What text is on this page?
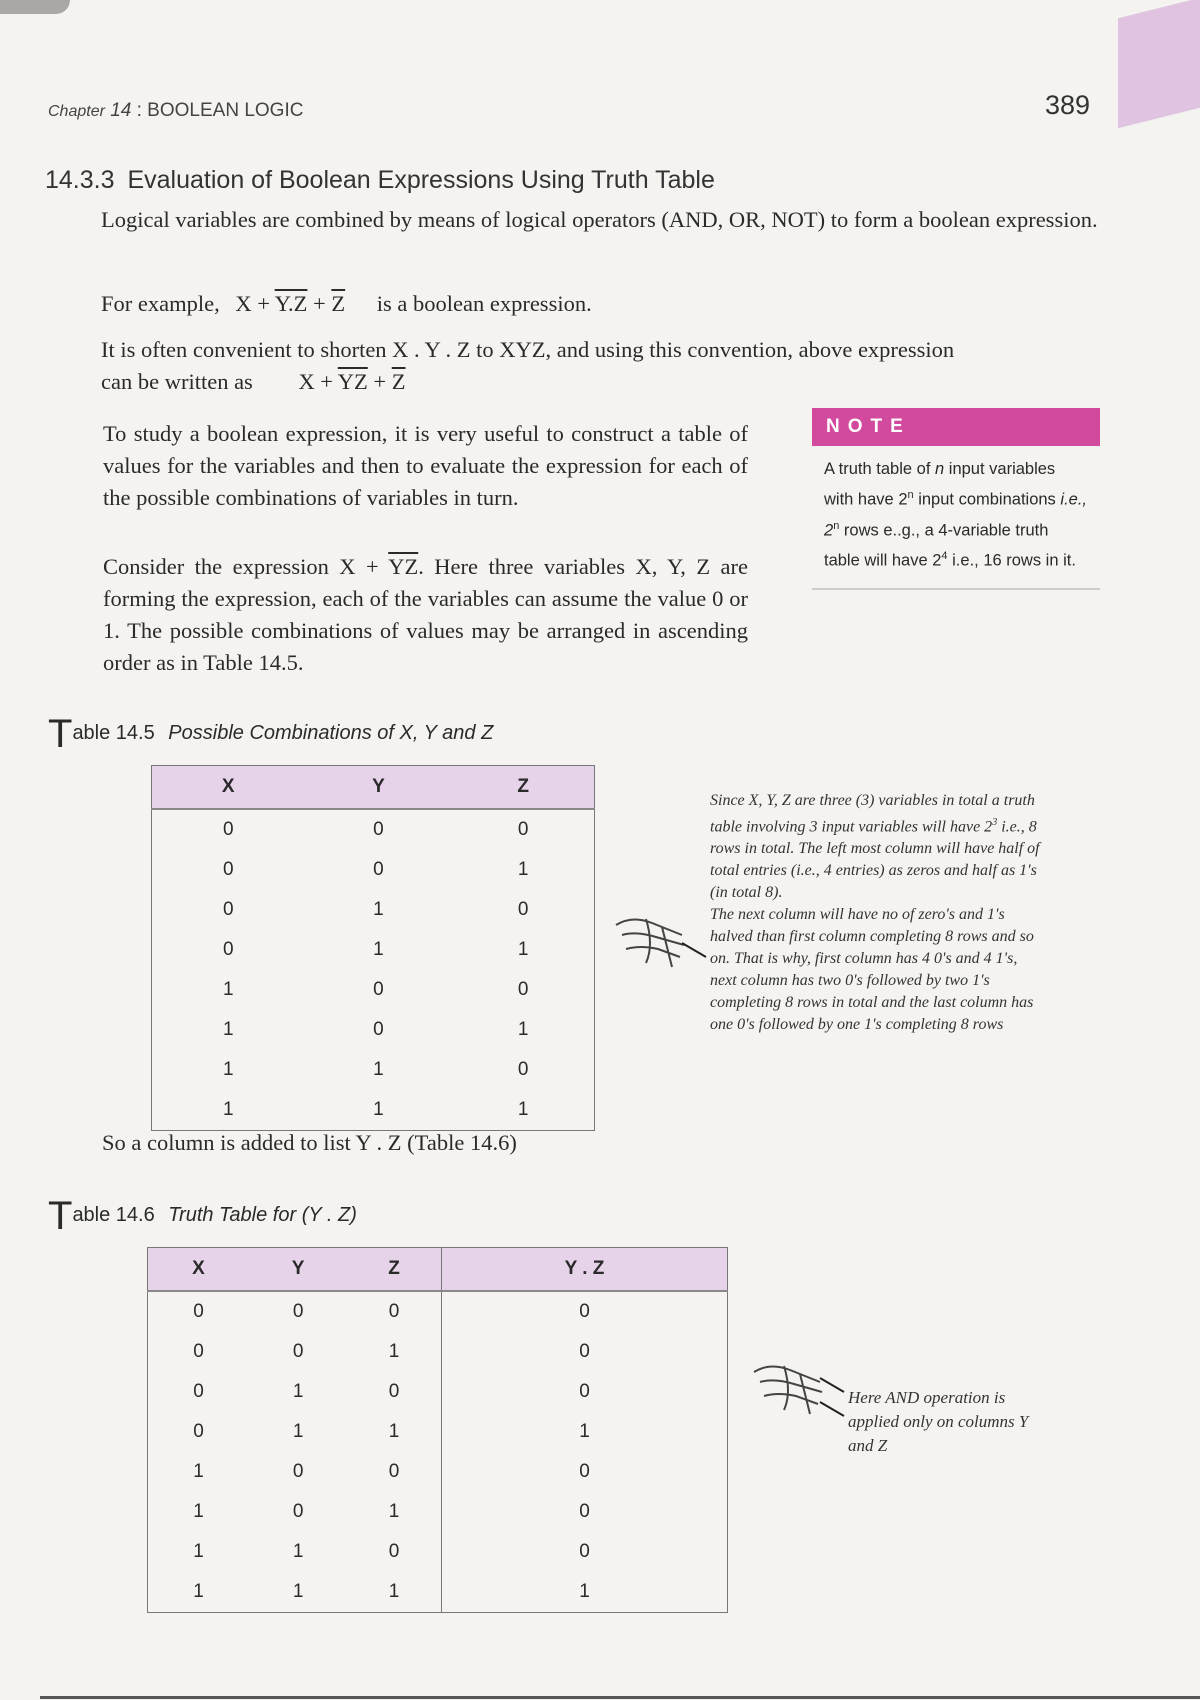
Chapter 14 : BOOLEAN LOGIC	389
14.3.3 Evaluation of Boolean Expressions Using Truth Table
Logical variables are combined by means of logical operators (AND, OR, NOT) to form a boolean expression.
For example, $X + Y.Z + \overline{Z}$ is a boolean expression.
It is often convenient to shorten X . Y . Z to XYZ, and using this convention, above expression
can be written as $X + \overline{YZ} + \overline{Z}$
To study a boolean expression, it is very useful to construct a table of values for the variables and then to evaluate the expression for each of the possible combinations of variables in turn.
Consider the expression $X + \overline{YZ}$. Here three variables X, Y, Z are forming the expression, each of the variables can assume the value 0 or 1. The possible combinations of values may be arranged in ascending order as in Table 14.5.
NOTE
A truth table of n input variables with have 2$^n$ input combinations i.e., 2$^n$ rows e..g., a 4-variable truth table will have $2^4$ i.e., 16 rows in it.
Table 14.5 Possible Combinations of X, Y and Z
X	Y	Z
0	0	0
0	0	1
0	1	0
0	1	1
1	0	0
1	0	1
1	1	0
1	1	1
Since X, Y, Z are three (3) variables in total a truth table involving 3 input variables will have $2^3$ i.e., 8 rows in total. The left most column will have half of total entries (i.e., 4 entries) as zeros and half as 1's (in total 8).
The next column will have no of zero's and 1's halved than first column completing 8 rows and so on. That is why, first column has 4 0's and 4 1's, next column has two 0's followed by two 1's completing 8 rows in total and the last column has one 0's followed by one 1's completing 8 rows
So a column is added to list Y . Z (Table 14.6)
Table 14.6 Truth Table for (Y . Z)
X	Y	Z	Y . Z
0	0	0	0
0	0	1	0
0	1	0	0
0	1	1	1
1	0	0	0
1	0	1	0
1	1	0	0
1	1	1	1
Here AND operation is applied only on columns Y and Z
